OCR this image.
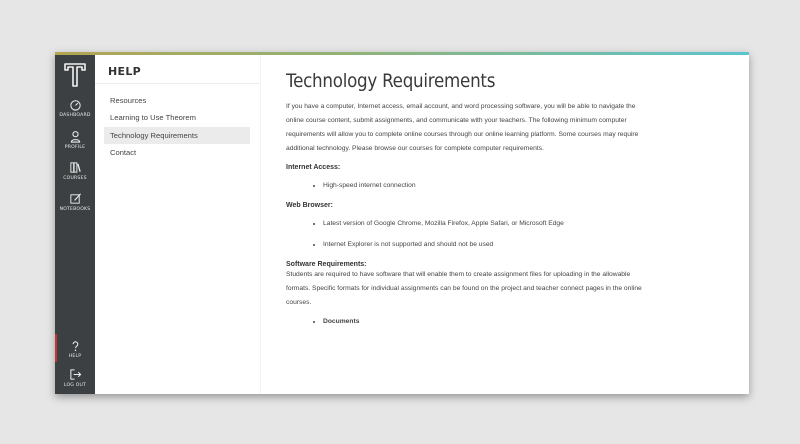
DASHBOARD
PROFILE
COURSES
NOTEBOOKS
HELP
LOG OUT
HELP
Resources
Learning to Use Theorem
Technology Requirements
Contact
Technology Requirements
If you have a computer, Internet access, email account, and word processing software, you will be able to navigate the online course content, submit assignments, and communicate with your teachers. The following minimum computer requirements will allow you to complete online courses through our online learning platform. Some courses may require additional technology. Please browse our courses for complete computer requirements.
Internet Access:
• High-speed internet connection
Web Browser:
• Latest version of Google Chrome, Mozilla Firefox, Apple Safari, or Microsoft Edge
• Internet Explorer is not supported and should not be used
Software Requirements:
Students are required to have software that will enable them to create assignment files for uploading in the allowable formats. Specific formats for individual assignments can be found on the project and teacher connect pages in the online courses.
• Documents
